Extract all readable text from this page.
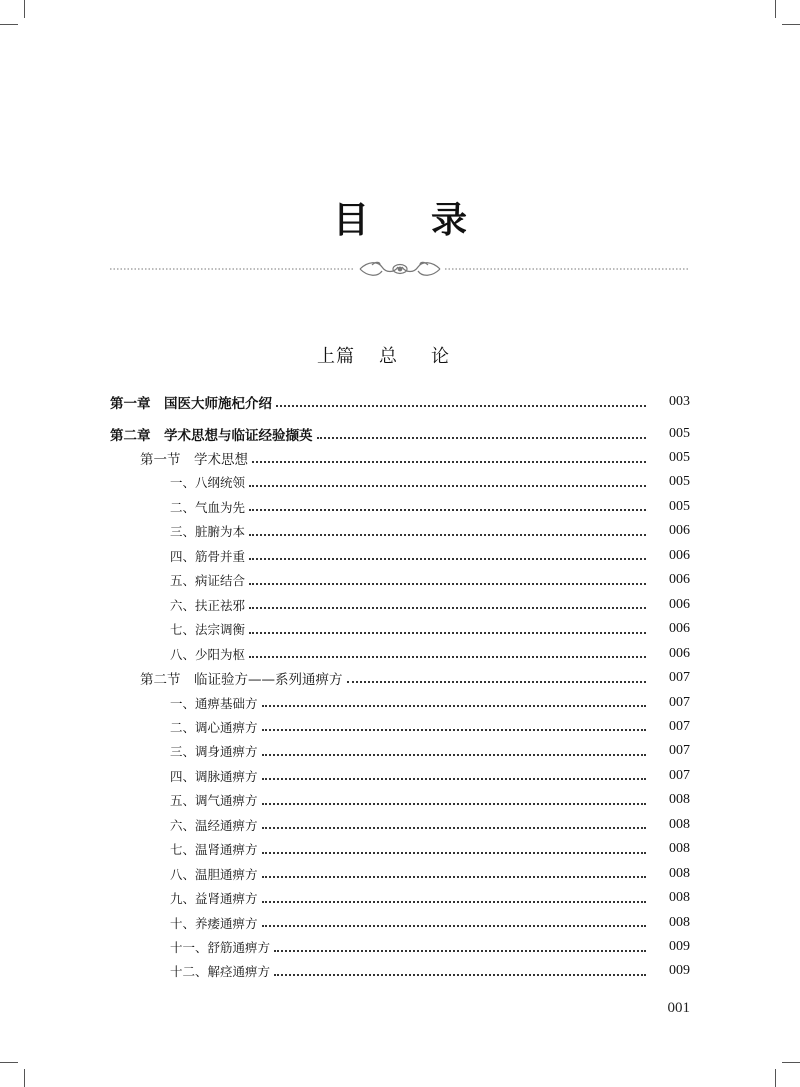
目录
上篇 总论
第一章　国医大师施杞介绍	003
第二章　学术思想与临证经验撷英	005
第一节　学术思想	005
一、八纲统领	005
二、气血为先	005
三、脏腑为本	006
四、筋骨并重	006
五、病证结合	006
六、扶正祛邪	006
七、法宗调衡	006
八、少阳为枢	006
第二节　临证验方——系列通痹方	007
一、通痹基础方	007
二、调心通痹方	007
三、调身通痹方	007
四、调脉通痹方	007
五、调气通痹方	008
六、温经通痹方	008
七、温肾通痹方	008
八、温胆通痹方	008
九、益肾通痹方	008
十、养痿通痹方	008
十一、舒筋通痹方	009
十二、解痉通痹方	009
001
